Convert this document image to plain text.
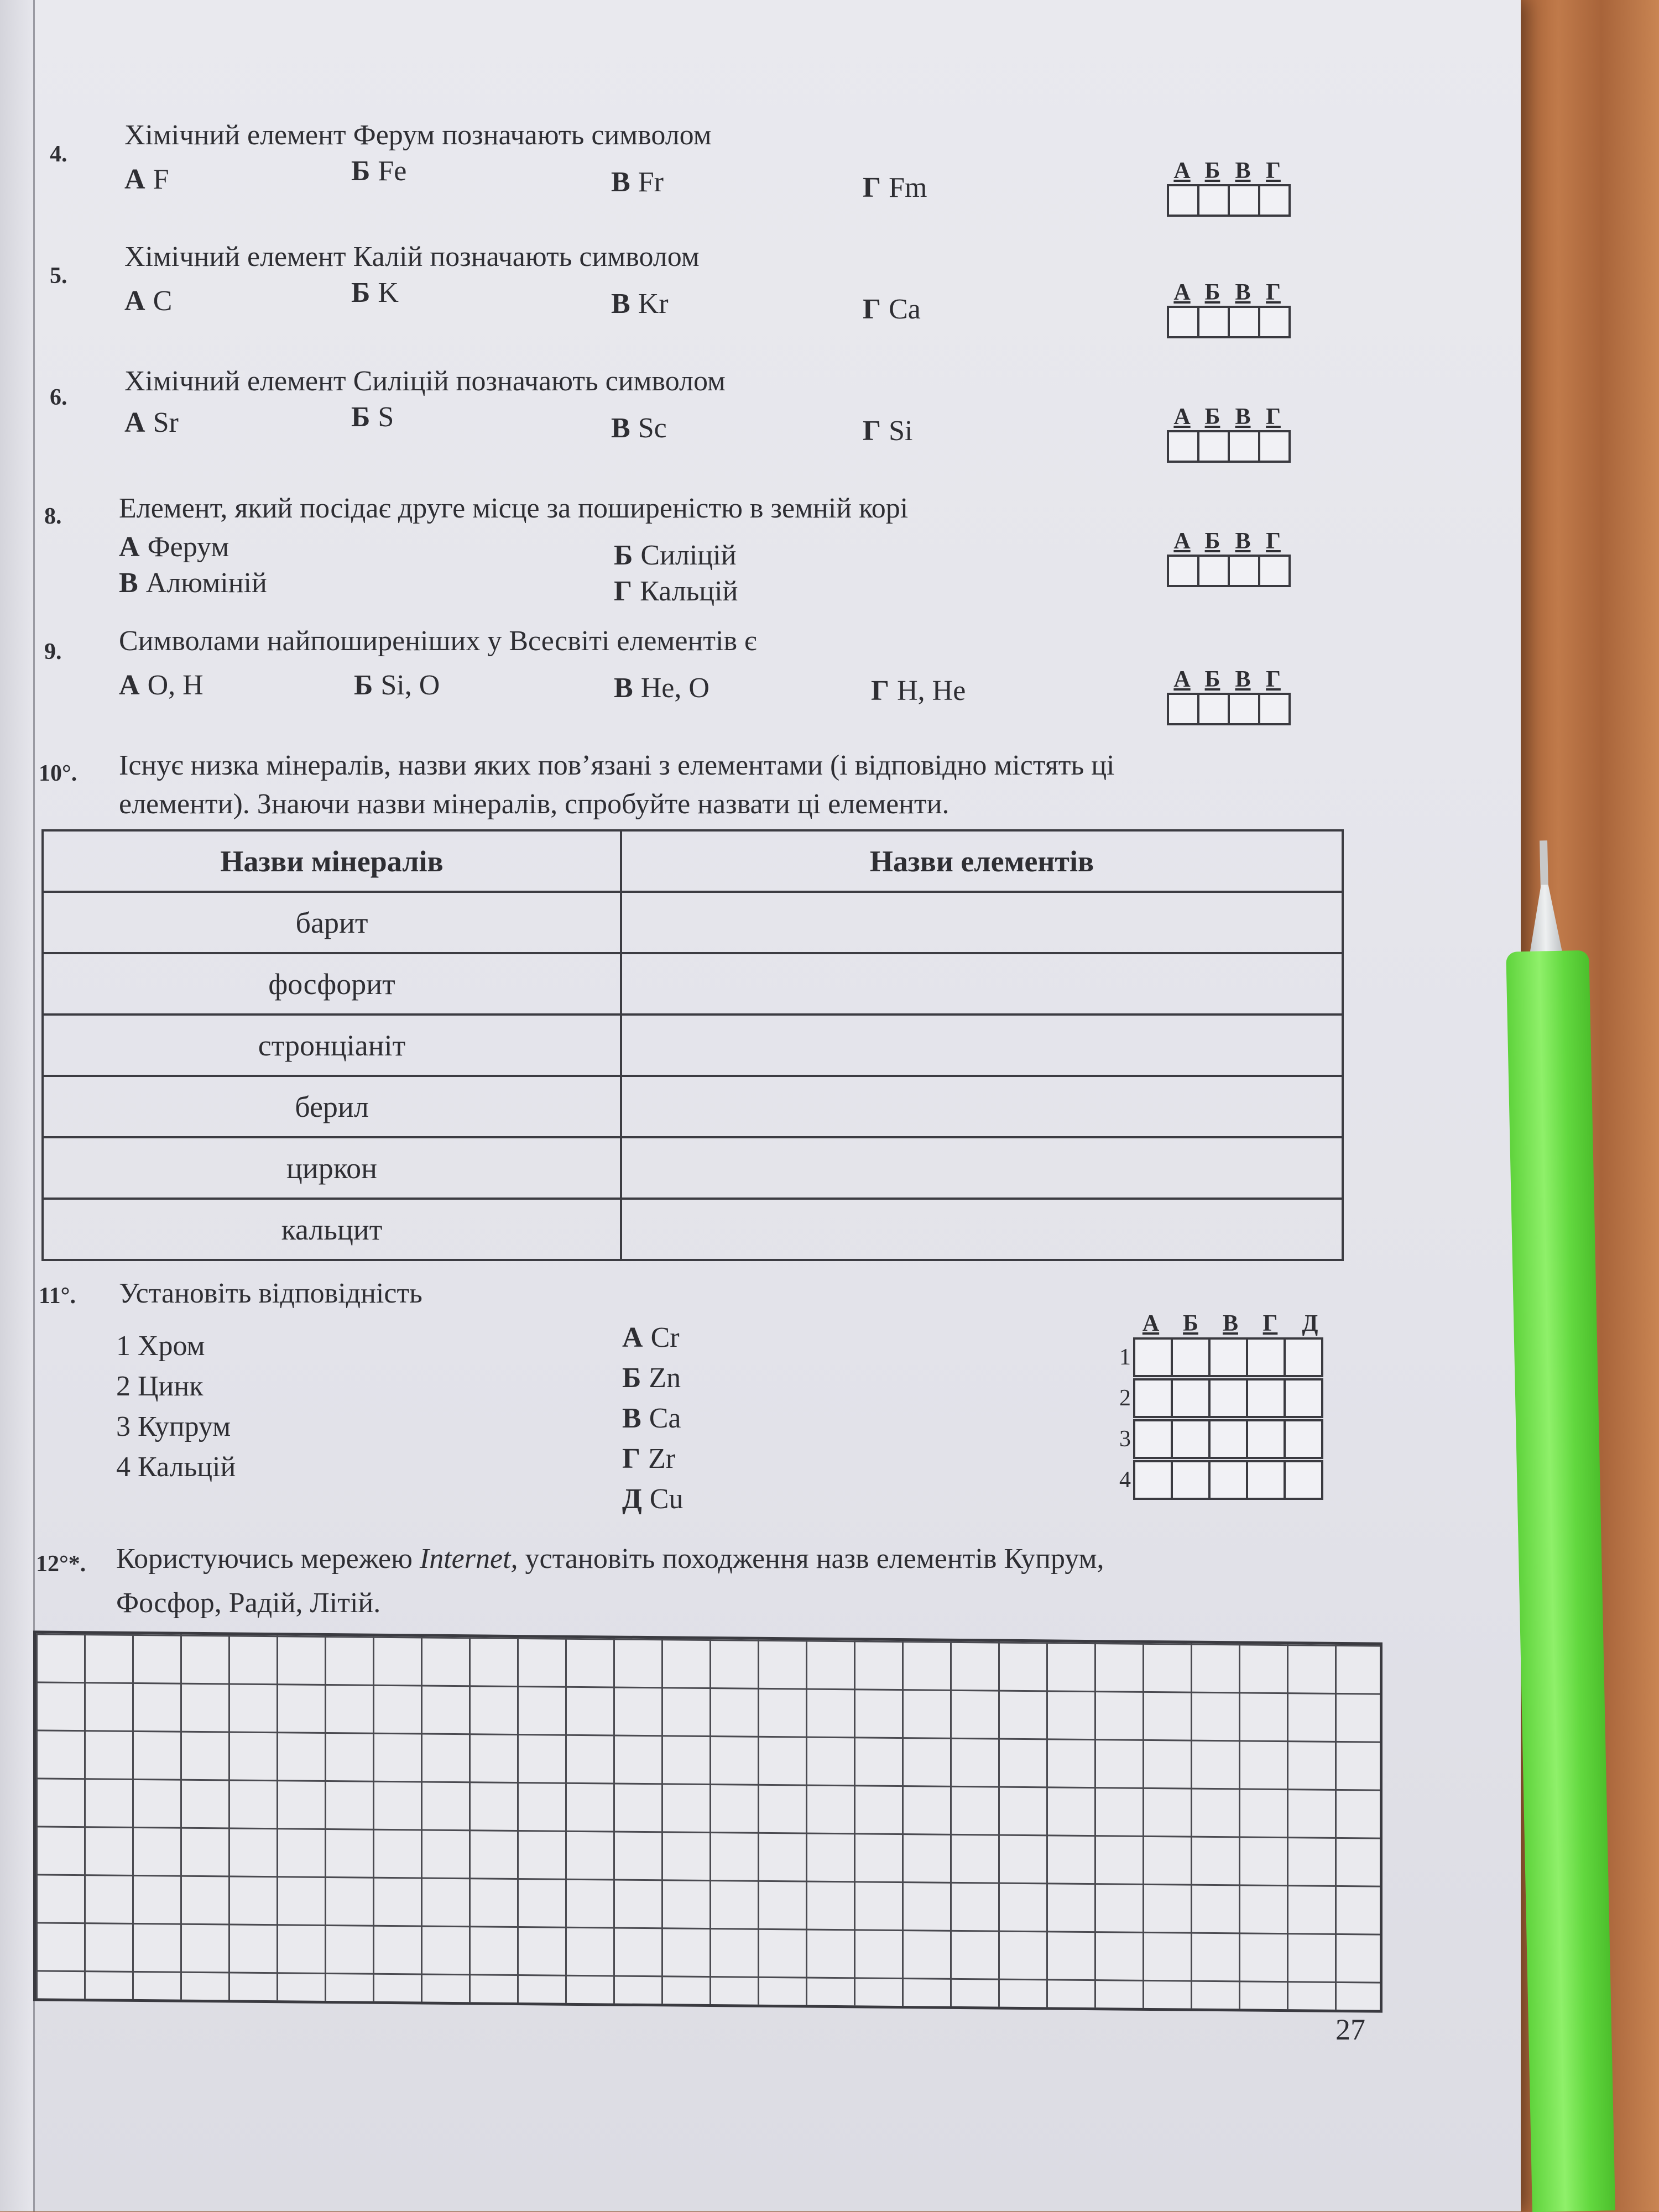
4.
Хімічний елемент Ферум позначають символом
А F	Б Fe	В Fr	Г Fm
А Б В Г
5.
Хімічний елемент Калій позначають символом
А C	Б K	В Kr	Г Ca
А Б В Г
6.
Хімічний елемент Силіцій позначають символом
А Sr	Б S	В Sc	Г Si	А Б В Г
8. Елемент, який посідає друге місце за поширеністю в земній корі
А Ферум	Б Силіцій
В Алюміній	Г Кальцій
А Б В Г
9. Символами найпоширеніших у Всесвіті елементів є
А O, H	Б Si, O	В He, O	Г H, He	А Б В Г
10°. Існує низка мінералів, назви яких пов’язані з елементами (і відповідно містять ці
елементи). Знаючи назви мінералів, спробуйте назвати ці елементи.
Назви мінералів	Назви елементів
барит	
фосфорит	
стронціаніт	
берил	
циркон	
кальцит	
11°. Установіть відповідність
1 Хром
2 Цинк
3 Купрум
4 Кальцій
А Cr
Б Zn
В Ca
Г Zr
Д Cu
А	Б	В	Г	Д
1
2
3
4
12°*. Користуючись мережею Internet, установіть походження назв елементів Купрум,
Фосфор, Радій, Літій.
27
